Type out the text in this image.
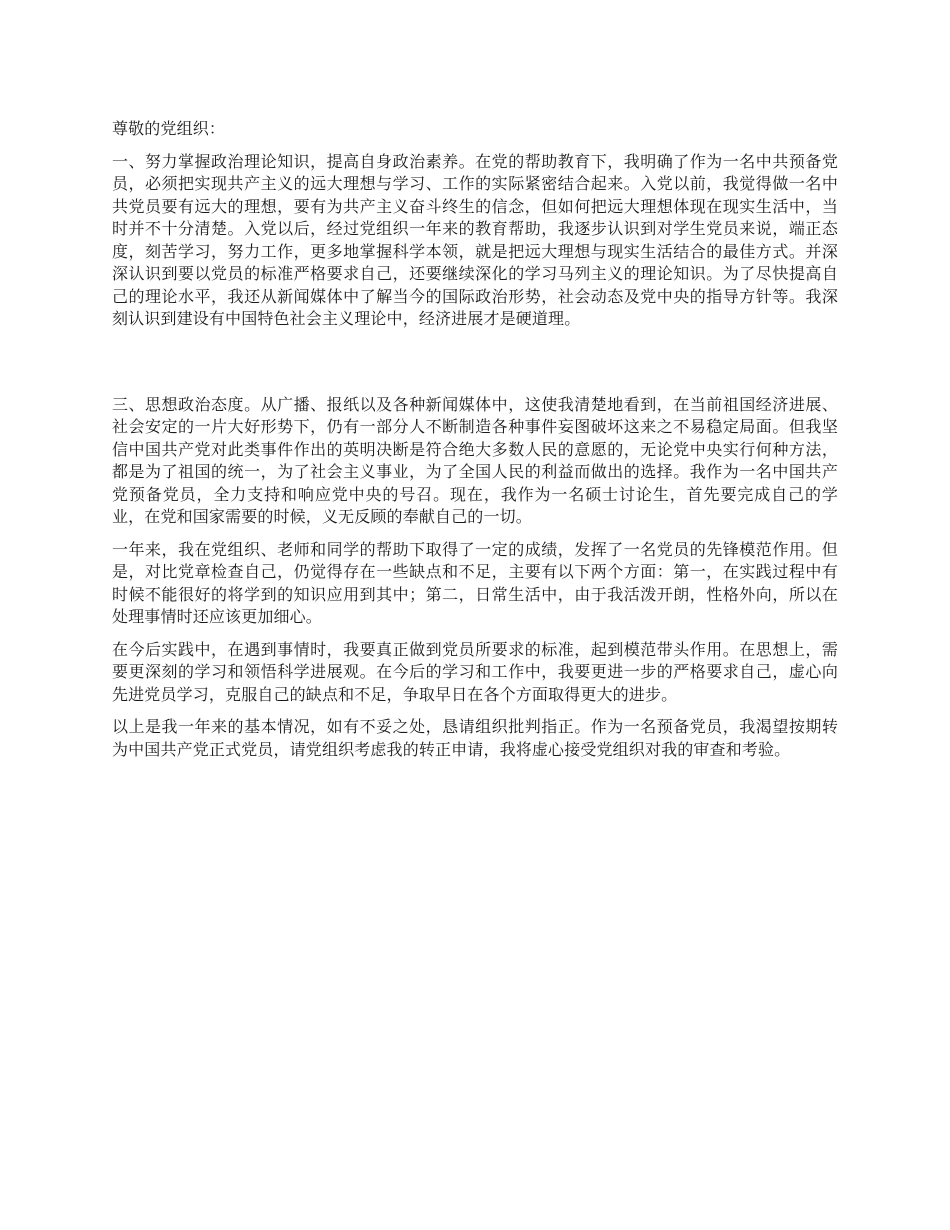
尊敬的党组织：

一、努力掌握政治理论知识，提高自身政治素养。在党的帮助教育下，我明确了作为一名中共预备党员，必须把实现共产主义的远大理想与学习、工作的实际紧密结合起来。入党以前，我觉得做一名中共党员要有远大的理想，要有为共产主义奋斗终生的信念，但如何把远大理想体现在现实生活中，当时并不十分清楚。入党以后，经过党组织一年来的教育帮助，我逐步认识到对学生党员来说，端正态度，刻苦学习，努力工作，更多地掌握科学本领，就是把远大理想与现实生活结合的最佳方式。并深深认识到要以党员的标准严格要求自己，还要继续深化的学习马列主义的理论知识。为了尽快提高自己的理论水平，我还从新闻媒体中了解当今的国际政治形势，社会动态及党中央的指导方针等。我深刻认识到建设有中国特色社会主义理论中，经济进展才是硬道理。

三、思想政治态度。从广播、报纸以及各种新闻媒体中，这使我清楚地看到，在当前祖国经济进展、社会安定的一片大好形势下，仍有一部分人不断制造各种事件妄图破坏这来之不易稳定局面。但我坚信中国共产党对此类事件作出的英明决断是符合绝大多数人民的意愿的，无论党中央实行何种方法，都是为了祖国的统一，为了社会主义事业，为了全国人民的利益而做出的选择。我作为一名中国共产党预备党员，全力支持和响应党中央的号召。现在，我作为一名硕士讨论生，首先要完成自己的学业，在党和国家需要的时候，义无反顾的奉献自己的一切。

一年来，我在党组织、老师和同学的帮助下取得了一定的成绩，发挥了一名党员的先锋模范作用。但是，对比党章检查自己，仍觉得存在一些缺点和不足，主要有以下两个方面：第一，在实践过程中有时候不能很好的将学到的知识应用到其中；第二，日常生活中，由于我活泼开朗，性格外向，所以在处理事情时还应该更加细心。

在今后实践中，在遇到事情时，我要真正做到党员所要求的标准，起到模范带头作用。在思想上，需要更深刻的学习和领悟科学进展观。在今后的学习和工作中，我要更进一步的严格要求自己，虚心向先进党员学习，克服自己的缺点和不足，争取早日在各个方面取得更大的进步。

以上是我一年来的基本情况，如有不妥之处，恳请组织批判指正。作为一名预备党员，我渴望按期转为中国共产党正式党员，请党组织考虑我的转正申请，我将虚心接受党组织对我的审查和考验。
